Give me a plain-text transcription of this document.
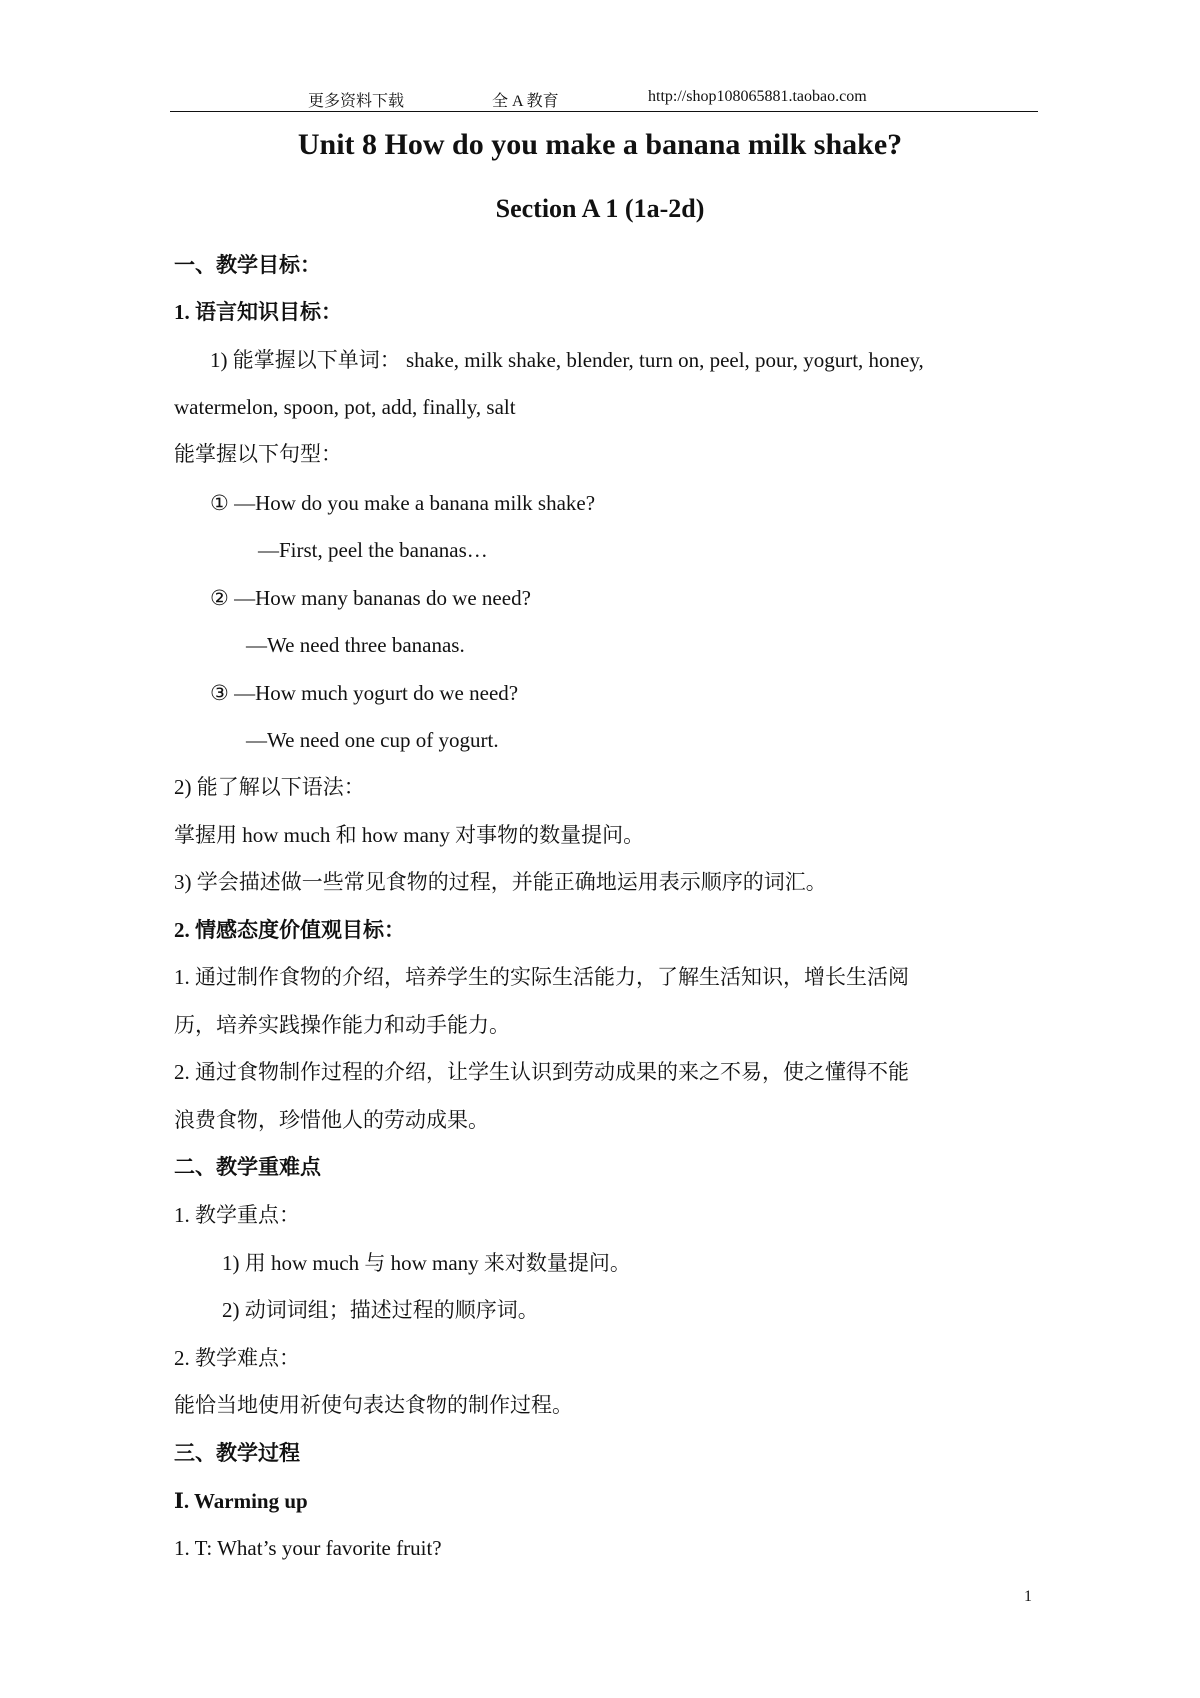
更多资料下载	全 A 教育	http://shop108065881.taobao.com
Unit 8 How do you make a banana milk shake?
Section A 1 (1a-2d)
一、教学目标：
1. 语言知识目标：
1) 能掌握以下单词： shake, milk shake, blender, turn on, peel, pour, yogurt, honey,
watermelon, spoon, pot, add, finally, salt
能掌握以下句型：
① —How do you make a banana milk shake?
—First, peel the bananas…
② —How many bananas do we need?
—We need three bananas.
③ —How much yogurt do we need?
—We need one cup of yogurt.
2) 能了解以下语法：
掌握用 how much 和 how many 对事物的数量提问。
3) 学会描述做一些常见食物的过程，并能正确地运用表示顺序的词汇。
2. 情感态度价值观目标：
1. 通过制作食物的介绍，培养学生的实际生活能力，了解生活知识，增长生活阅
历，培养实践操作能力和动手能力。
2. 通过食物制作过程的介绍，让学生认识到劳动成果的来之不易，使之懂得不能
浪费食物，珍惜他人的劳动成果。
二、教学重难点
1. 教学重点：
1) 用 how much 与 how many 来对数量提问。
2) 动词词组；描述过程的顺序词。
2. 教学难点：
能恰当地使用祈使句表达食物的制作过程。
三、教学过程
Ⅰ. Warming up
1. T: What’s your favorite fruit?
1
